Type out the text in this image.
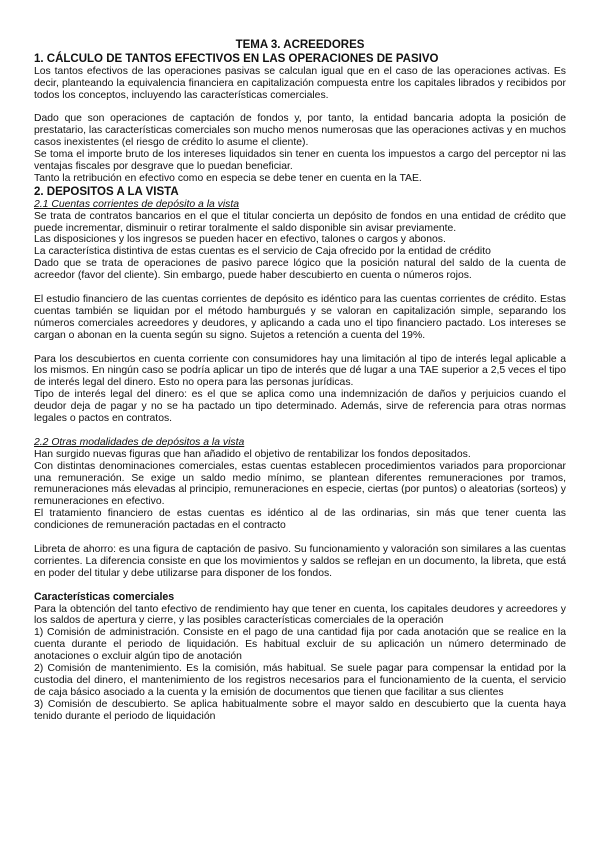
TEMA 3. ACREEDORES
1. CÁLCULO DE TANTOS EFECTIVOS EN LAS OPERACIONES DE PASIVO

Los tantos efectivos de las operaciones pasivas se calculan igual que en el caso de las operaciones activas. Es decir, planteando la equivalencia financiera en capitalización compuesta entre los capitales librados y recibidos por todos los conceptos, incluyendo las características comerciales.

Dado que son operaciones de captación de fondos y, por tanto, la entidad bancaria adopta la posición de prestatario, las características comerciales son mucho menos numerosas que las operaciones activas y en muchos casos inexistentes (el riesgo de crédito lo asume el cliente).

Se toma el importe bruto de los intereses liquidados sin tener en cuenta los impuestos a cargo del perceptor ni las ventajas fiscales por desgrave que lo puedan beneficiar.

Tanto la retribución en efectivo como en especia se debe tener en cuenta en la TAE.

2. DEPOSITOS A LA VISTA
2.1 Cuentas corrientes de depósito a la vista

Se trata de contratos bancarios en el que el titular concierta un depósito de fondos en una entidad de crédito que puede incrementar, disminuir o retirar toralmente el saldo disponible sin avisar previamente.

Las disposiciones y los ingresos se pueden hacer en efectivo, talones o cargos y abonos.

La característica distintiva de estas cuentas es el servicio de Caja ofrecido por la entidad de crédito

Dado que se trata de operaciones de pasivo parece lógico que la posición natural del saldo de la cuenta de acreedor (favor del cliente). Sin embargo, puede haber descubierto en cuenta o números rojos.

El estudio financiero de las cuentas corrientes de depósito es idéntico para las cuentas corrientes de crédito. Estas cuentas también se liquidan por el método hamburgués y se valoran en capitalización simple, separando los números comerciales acreedores y deudores, y aplicando a cada uno el tipo financiero pactado. Los intereses se cargan o abonan en la cuenta según su signo. Sujetos a retención a cuenta del 19%.

Para los descubiertos en cuenta corriente con consumidores hay una limitación al tipo de interés legal aplicable a los mismos. En ningún caso se podría aplicar un tipo de interés que dé lugar a una TAE superior a 2,5 veces el tipo de interés legal del dinero. Esto no opera para las personas jurídicas.

Tipo de interés legal del dinero: es el que se aplica como una indemnización de daños y perjuicios cuando el deudor deja de pagar y no se ha pactado un tipo determinado. Además, sirve de referencia para otras normas legales o pactos en contratos.

2.2 Otras modalidades de depósitos a la vista

Han surgido nuevas figuras que han añadido el objetivo de rentabilizar los fondos depositados.

Con distintas denominaciones comerciales, estas cuentas establecen procedimientos variados para proporcionar una remuneración. Se exige un saldo medio mínimo, se plantean diferentes remuneraciones por tramos, remuneraciones más elevadas al principio, remuneraciones en especie, ciertas (por puntos) o aleatorias (sorteos) y remuneraciones en efectivo.

El tratamiento financiero de estas cuentas es idéntico al de las ordinarias, sin más que tener cuenta las condiciones de remuneración pactadas en el contracto

Libreta de ahorro: es una figura de captación de pasivo. Su funcionamiento y valoración son similares a las cuentas corrientes. La diferencia consiste en que los movimientos y saldos se reflejan en un documento, la libreta, que está en poder del titular y debe utilizarse para disponer de los fondos.

Características comerciales

Para la obtención del tanto efectivo de rendimiento hay que tener en cuenta, los capitales deudores y acreedores y los saldos de apertura y cierre, y las posibles características comerciales de la operación

1) Comisión de administración. Consiste en el pago de una cantidad fija por cada anotación que se realice en la cuenta durante el periodo de liquidación. Es habitual excluir de su aplicación un número determinado de anotaciones o excluir algún tipo de anotación

2) Comisión de mantenimiento. Es la comisión, más habitual. Se suele pagar para compensar la entidad por la custodia del dinero, el mantenimiento de los registros necesarios para el funcionamiento de la cuenta, el servicio de caja básico asociado a la cuenta y la emisión de documentos que tienen que facilitar a sus clientes

3) Comisión de descubierto. Se aplica habitualmente sobre el mayor saldo en descubierto que la cuenta haya tenido durante el periodo de liquidación
